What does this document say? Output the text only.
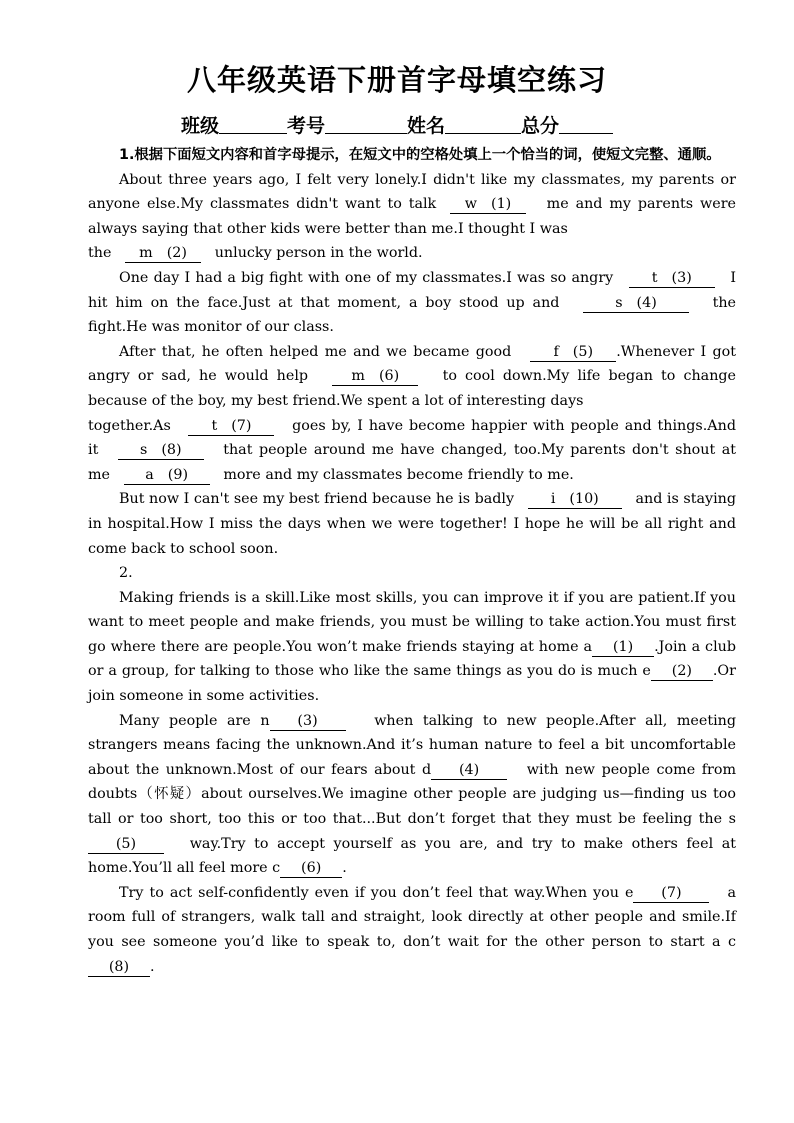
八年级英语下册首字母填空练习
班级	考号	姓名	总分

1.根据下面短文内容和首字母提示，在短文中的空格处填上一个恰当的词，使短文完整、通顺。

About three years ago, I felt very lonely.I didn't like my classmates, my parents or anyone else.My classmates didn't want to talk w (1) me and my parents were always saying that other kids were better than me.I thought I was
the m (2) unlucky person in the world.

One day I had a big fight with one of my classmates.I was so angry	t (3)	I hit him on the face.Just at that moment, a boy stood up and	s (4)	the fight.He was monitor of our class.

After that, he often helped me and we became good	f (5) .Whenever I got angry or sad, he would help	m (6)	to cool down.My life began to change because of the boy, my best friend.We spent a lot of interesting days
together.As	t (7)	goes by, I have become happier with people and things.And it	s (8)	that people around me have changed, too.My parents don't shout at me a (9) more and my classmates become friendly to me.

But now I can't see my best friend because he is badly	i (10)	and is staying in hospital.How I miss the days when we were together! I hope he will be all right and come back to school soon.

2.

Making friends is a skill.Like most skills, you can improve it if you are patient.If you want to meet people and make friends, you must be willing to take action.You must first go where there are people.You won’t make friends staying at home a (1) .Join a club or a group, for talking to those who like the same things as you do is much e (2) .Or join someone in some activities.

Many people are n (3)	when talking to new people.After all, meeting strangers means facing the unknown.And it’s human nature to feel a bit uncomfortable about the unknown.Most of our fears about d (4)	with new people come from doubts（怀疑）about ourselves.We imagine other people are judging us—finding us too tall or too short, too this or too that...But don’t forget that they must be feeling the s(5)	way.Try to accept yourself as you are, and try to make others feel at home.You’ll all feel more c (6) .

Try to act self-confidently even if you don’t feel that way.When you e (7)	a room full of strangers, walk tall and straight, look directly at other people and smile.If you see someone you’d like to speak to, don’t wait for the other person to start a c(8) .
